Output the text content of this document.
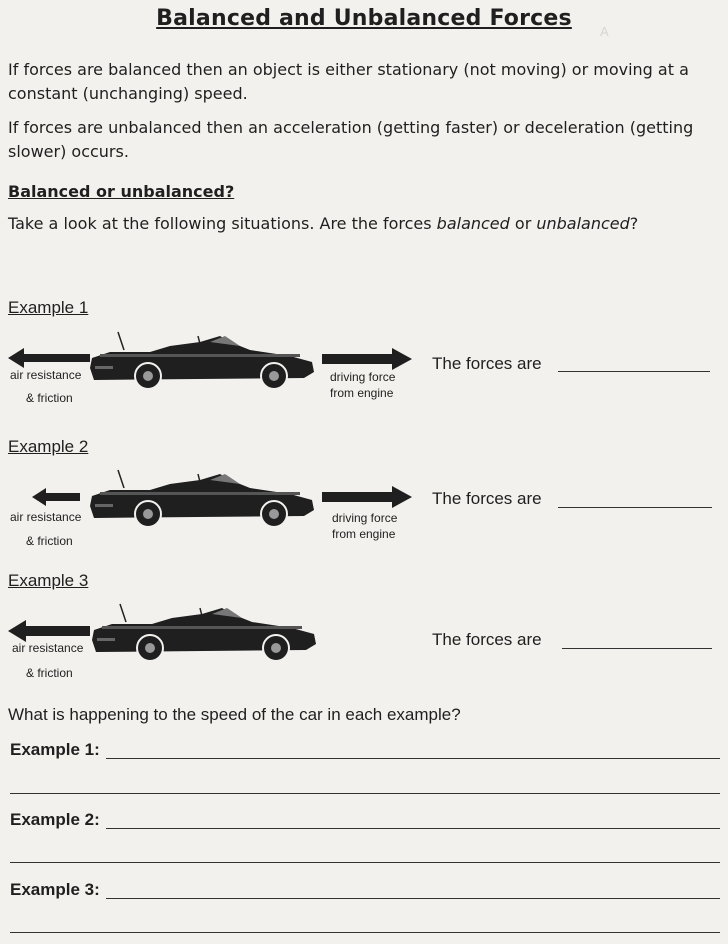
A
Balanced and Unbalanced Forces
If forces are balanced then an object is either stationary (not moving) or moving at a constant (unchanging) speed.
If forces are unbalanced then an acceleration (getting faster) or deceleration (getting slower) occurs.
Balanced or unbalanced?
Take a look at the following situations. Are the forces balanced or unbalanced?
Example 1
air resistance
& friction
driving force
from engine
The forces are
Example 2
air resistance
& friction
driving force
from engine
The forces are
Example 3
air resistance
& friction
The forces are
What is happening to the speed of the car in each example?
Example 1:
Example 2:
Example 3:
